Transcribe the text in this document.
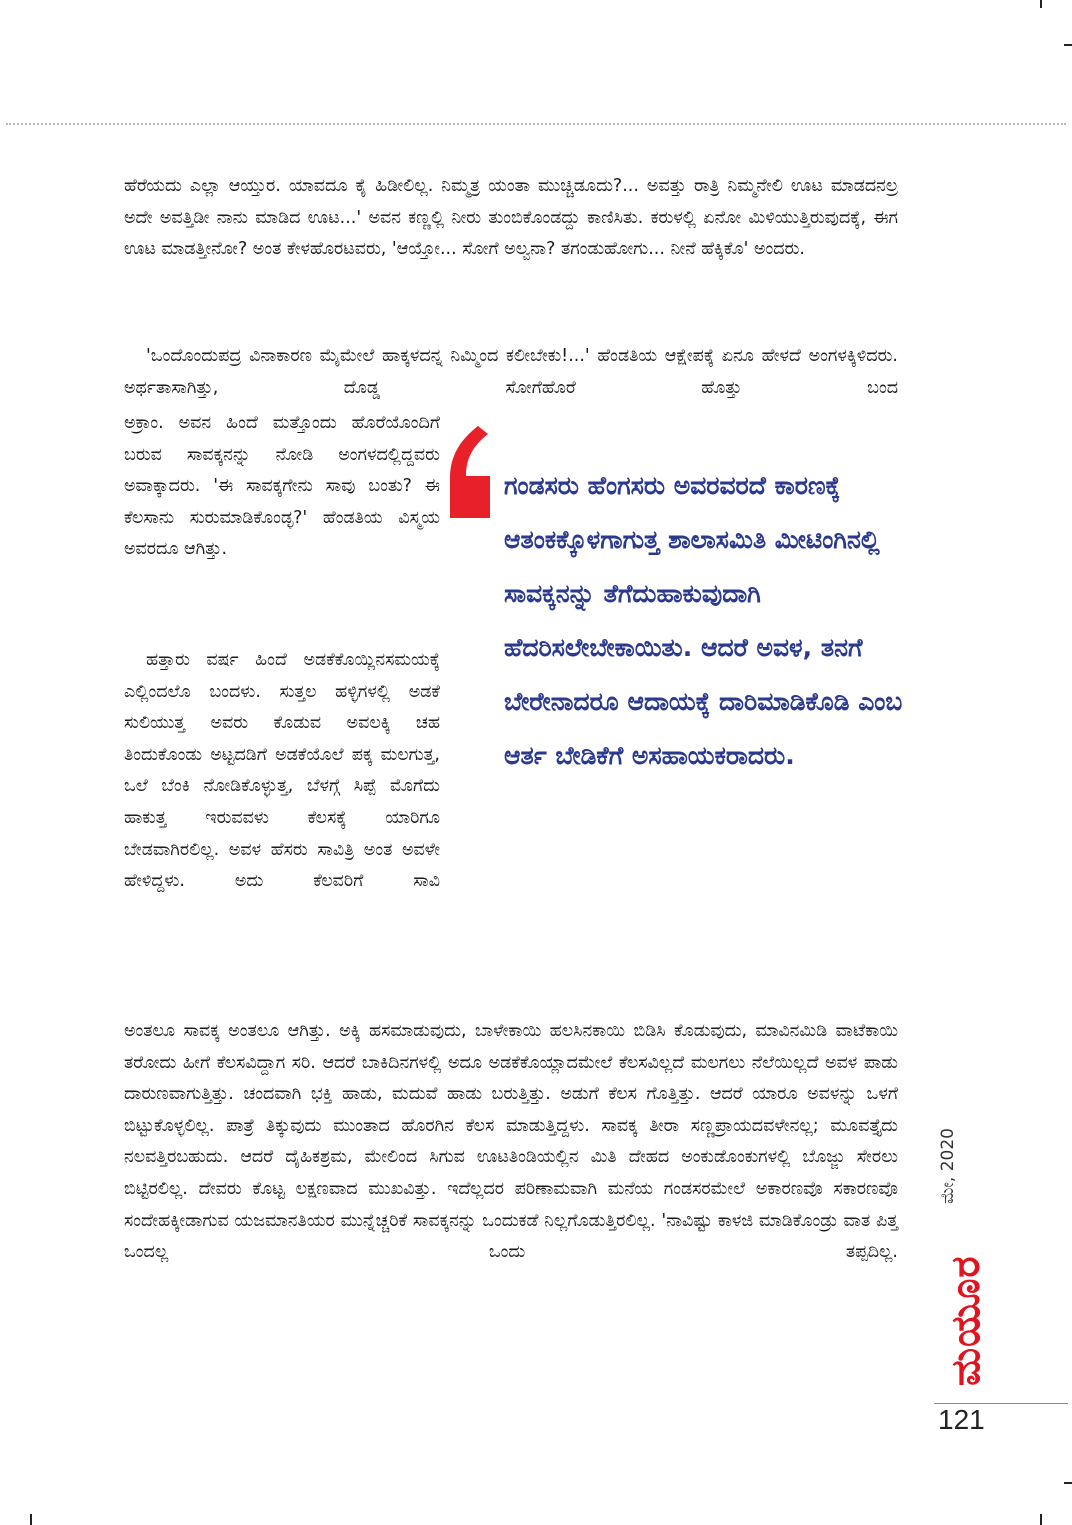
ಹೆರೆಯದು ಎಲ್ಲಾ ಆಯ್ತುರ. ಯಾವದೂ ಕೈ ಹಿಡೀಲಿಲ್ಲ. ನಿಮ್ಮತ್ರ ಯಂತಾ ಮುಚ್ಚಿಡೂದು?... ಅವತ್ತು ರಾತ್ರಿ ನಿಮ್ಮನೇಲಿ ಊಟ ಮಾಡದನಲ್ರ ಅದೇ ಅವತ್ತಿಡೀ ನಾನು ಮಾಡಿದ ಊಟ...' ಅವನ ಕಣ್ಣಲ್ಲಿ ನೀರು ತುಂಬಿಕೊಂಡದ್ದು ಕಾಣಿಸಿತು. ಕರುಳಲ್ಲಿ ಏನೋ ಮಿಳಿಯುತ್ತಿರುವುದಕ್ಕೆ, ಈಗ ಊಟ ಮಾಡತ್ತೀನೋ? ಅಂತ ಕೇಳಹೊರಟವರು, 'ಆಯ್ತೋ... ಸೋಗೆ ಅಲ್ವನಾ? ತಗಂಡುಹೋಗು... ನೀನೆ ಹೆಕ್ಕಿಕೊ' ಅಂದರು.

'ಒಂದೊಂದುಪದ್ರ ವಿನಾಕಾರಣ ಮೈಮೇಲೆ ಹಾಕ್ಕಳದನ್ನ ನಿಮ್ಮಿಂದ ಕಲೀಬೇಕು!...' ಹೆಂಡತಿಯ ಆಕ್ಷೇಪಕ್ಕೆ ಏನೂ ಹೇಳದೆ ಅಂಗಳಕ್ಕಿಳಿದರು. ಅರ್ಥತಾಸಾಗಿತ್ತು, ದೊಡ್ಡ ಸೋಗೆಹೊರೆ ಹೊತ್ತು ಬಂದ

ಅಕ್ರಾಂ. ಅವನ ಹಿಂದೆ ಮತ್ತೊಂದು ಹೊರೆಯೊಂದಿಗೆ ಬರುವ ಸಾವಕ್ಕನನ್ನು ನೋಡಿ ಅಂಗಳದಲ್ಲಿದ್ದವರು ಅವಾಕ್ಕಾದರು. 'ಈ ಸಾವಕ್ಕಗೇನು ಸಾವು ಬಂತು? ಈ ಕೆಲಸಾನು ಸುರುಮಾಡಿಕೊಂಡ್ಳ?' ಹೆಂಡತಿಯ ವಿಸ್ಮಯ ಅವರದೂ ಆಗಿತ್ತು.

ಹತ್ತಾರು ವರ್ಷ ಹಿಂದೆ ಅಡಕೆಕೊಯ್ಲಿನಸಮಯಕ್ಕೆ ಎಲ್ಲಿಂದಲೊ ಬಂದಳು. ಸುತ್ತಲ ಹಳ್ಳಿಗಳಲ್ಲಿ ಅಡಕೆ ಸುಲಿಯುತ್ತ ಅವರು ಕೊಡುವ ಅವಲಕ್ಕಿ ಚಹ ತಿಂದುಕೊಂಡು ಅಟ್ಟದಡಿಗೆ ಅಡಕೆಯೊಲೆ ಪಕ್ಕ ಮಲಗುತ್ತ, ಒಲೆ ಬೆಂಕಿ ನೋಡಿಕೊಳ್ಳುತ್ತ, ಬೆಳಗ್ಗೆ ಸಿಪ್ಪೆ ಮೊಗೆದು ಹಾಕುತ್ತ ಇರುವವಳು ಕೆಲಸಕ್ಕೆ ಯಾರಿಗೂ ಬೇಡವಾಗಿರಲಿಲ್ಲ. ಅವಳ ಹೆಸರು ಸಾವಿತ್ರಿ ಅಂತ ಅವಳೇ ಹೇಳಿದ್ದಳು. ಅದು ಕೆಲವರಿಗೆ ಸಾವಿ

ಅಂತಲೂ ಸಾವಕ್ಕ ಅಂತಲೂ ಆಗಿತ್ತು. ಅಕ್ಕಿ ಹಸಮಾಡುವುದು, ಬಾಳೇಕಾಯಿ ಹಲಸಿನಕಾಯಿ ಬಿಡಿಸಿ ಕೊಡುವುದು, ಮಾವಿನಮಿಡಿ ವಾಟೆಕಾಯಿ ತರೋದು ಹೀಗೆ ಕೆಲಸವಿದ್ದಾಗ ಸರಿ. ಆದರೆ ಬಾಕಿದಿನಗಳಲ್ಲಿ ಅದೂ ಅಡಕೆಕೊಯ್ಲಾದಮೇಲೆ ಕೆಲಸವಿಲ್ಲದೆ ಮಲಗಲು ನೆಲೆಯಿಲ್ಲದೆ ಅವಳ ಪಾಡು ದಾರುಣವಾಗುತ್ತಿತ್ತು. ಚಂದವಾಗಿ ಭಕ್ತಿ ಹಾಡು, ಮದುವೆ ಹಾಡು ಬರುತ್ತಿತ್ತು. ಅಡುಗೆ ಕೆಲಸ ಗೊತ್ತಿತ್ತು. ಆದರೆ ಯಾರೂ ಅವಳನ್ನು ಒಳಗೆ ಬಿಟ್ಟುಕೊಳ್ಳಲಿಲ್ಲ. ಪಾತ್ರೆ ತಿಕ್ಕುವುದು ಮುಂತಾದ ಹೊರಗಿನ ಕೆಲಸ ಮಾಡುತ್ತಿದ್ದಳು. ಸಾವಕ್ಕ ತೀರಾ ಸಣ್ಣಪ್ರಾಯದವಳೇನಲ್ಲ; ಮೂವತ್ತೈದು ನಲವತ್ತಿರಬಹುದು. ಆದರೆ ದೈಹಿಕಶ್ರಮ, ಮೇಲಿಂದ ಸಿಗುವ ಊಟತಿಂಡಿಯಲ್ಲಿನ ಮಿತಿ ದೇಹದ ಅಂಕುಡೊಂಕುಗಳಲ್ಲಿ ಬೊಜ್ಜು ಸೇರಲು ಬಿಟ್ಟಿರಲಿಲ್ಲ. ದೇವರು ಕೊಟ್ಟ ಲಕ್ಷಣವಾದ ಮುಖವಿತ್ತು. ಇದೆಲ್ಲದರ ಪರಿಣಾಮವಾಗಿ ಮನೆಯ ಗಂಡಸರಮೇಲೆ ಅಕಾರಣವೊ ಸಕಾರಣವೊ ಸಂದೇಹಕ್ಕೀಡಾಗುವ ಯಜಮಾನತಿಯರ ಮುನ್ನೆಚ್ಚರಿಕೆ ಸಾವಕ್ಕನನ್ನು ಒಂದುಕಡೆ ನಿಲ್ಲಗೊಡುತ್ತಿರಲಿಲ್ಲ. 'ನಾವಿಷ್ಟು ಕಾಳಜಿ ಮಾಡಿಕೊಂಡ್ರು ವಾತ ಪಿತ್ತ ಒಂದಲ್ಲ ಒಂದು ತಪ್ಪದಿಲ್ಲ.

ಗಂಡಸರು ಹೆಂಗಸರು ಅವರವರದೆ ಕಾರಣಕ್ಕೆ ಆತಂಕಕ್ಕೊಳಗಾಗುತ್ತ ಶಾಲಾಸಮಿತಿ ಮೀಟಿಂಗಿನಲ್ಲಿ ಸಾವಕ್ಕನನ್ನು ತೆಗೆದುಹಾಕುವುದಾಗಿ ಹೆದರಿಸಲೇಬೇಕಾಯಿತು. ಆದರೆ ಅವಳ, ತನಗೆ ಬೇರೇನಾದರೂ ಆದಾಯಕ್ಕೆ ದಾರಿಮಾಡಿಕೊಡಿ ಎಂಬ ಆರ್ತ ಬೇಡಿಕೆಗೆ ಅಸಹಾಯಕರಾದರು.

ಮೇ, 2020
ಮಯೂರ
121
